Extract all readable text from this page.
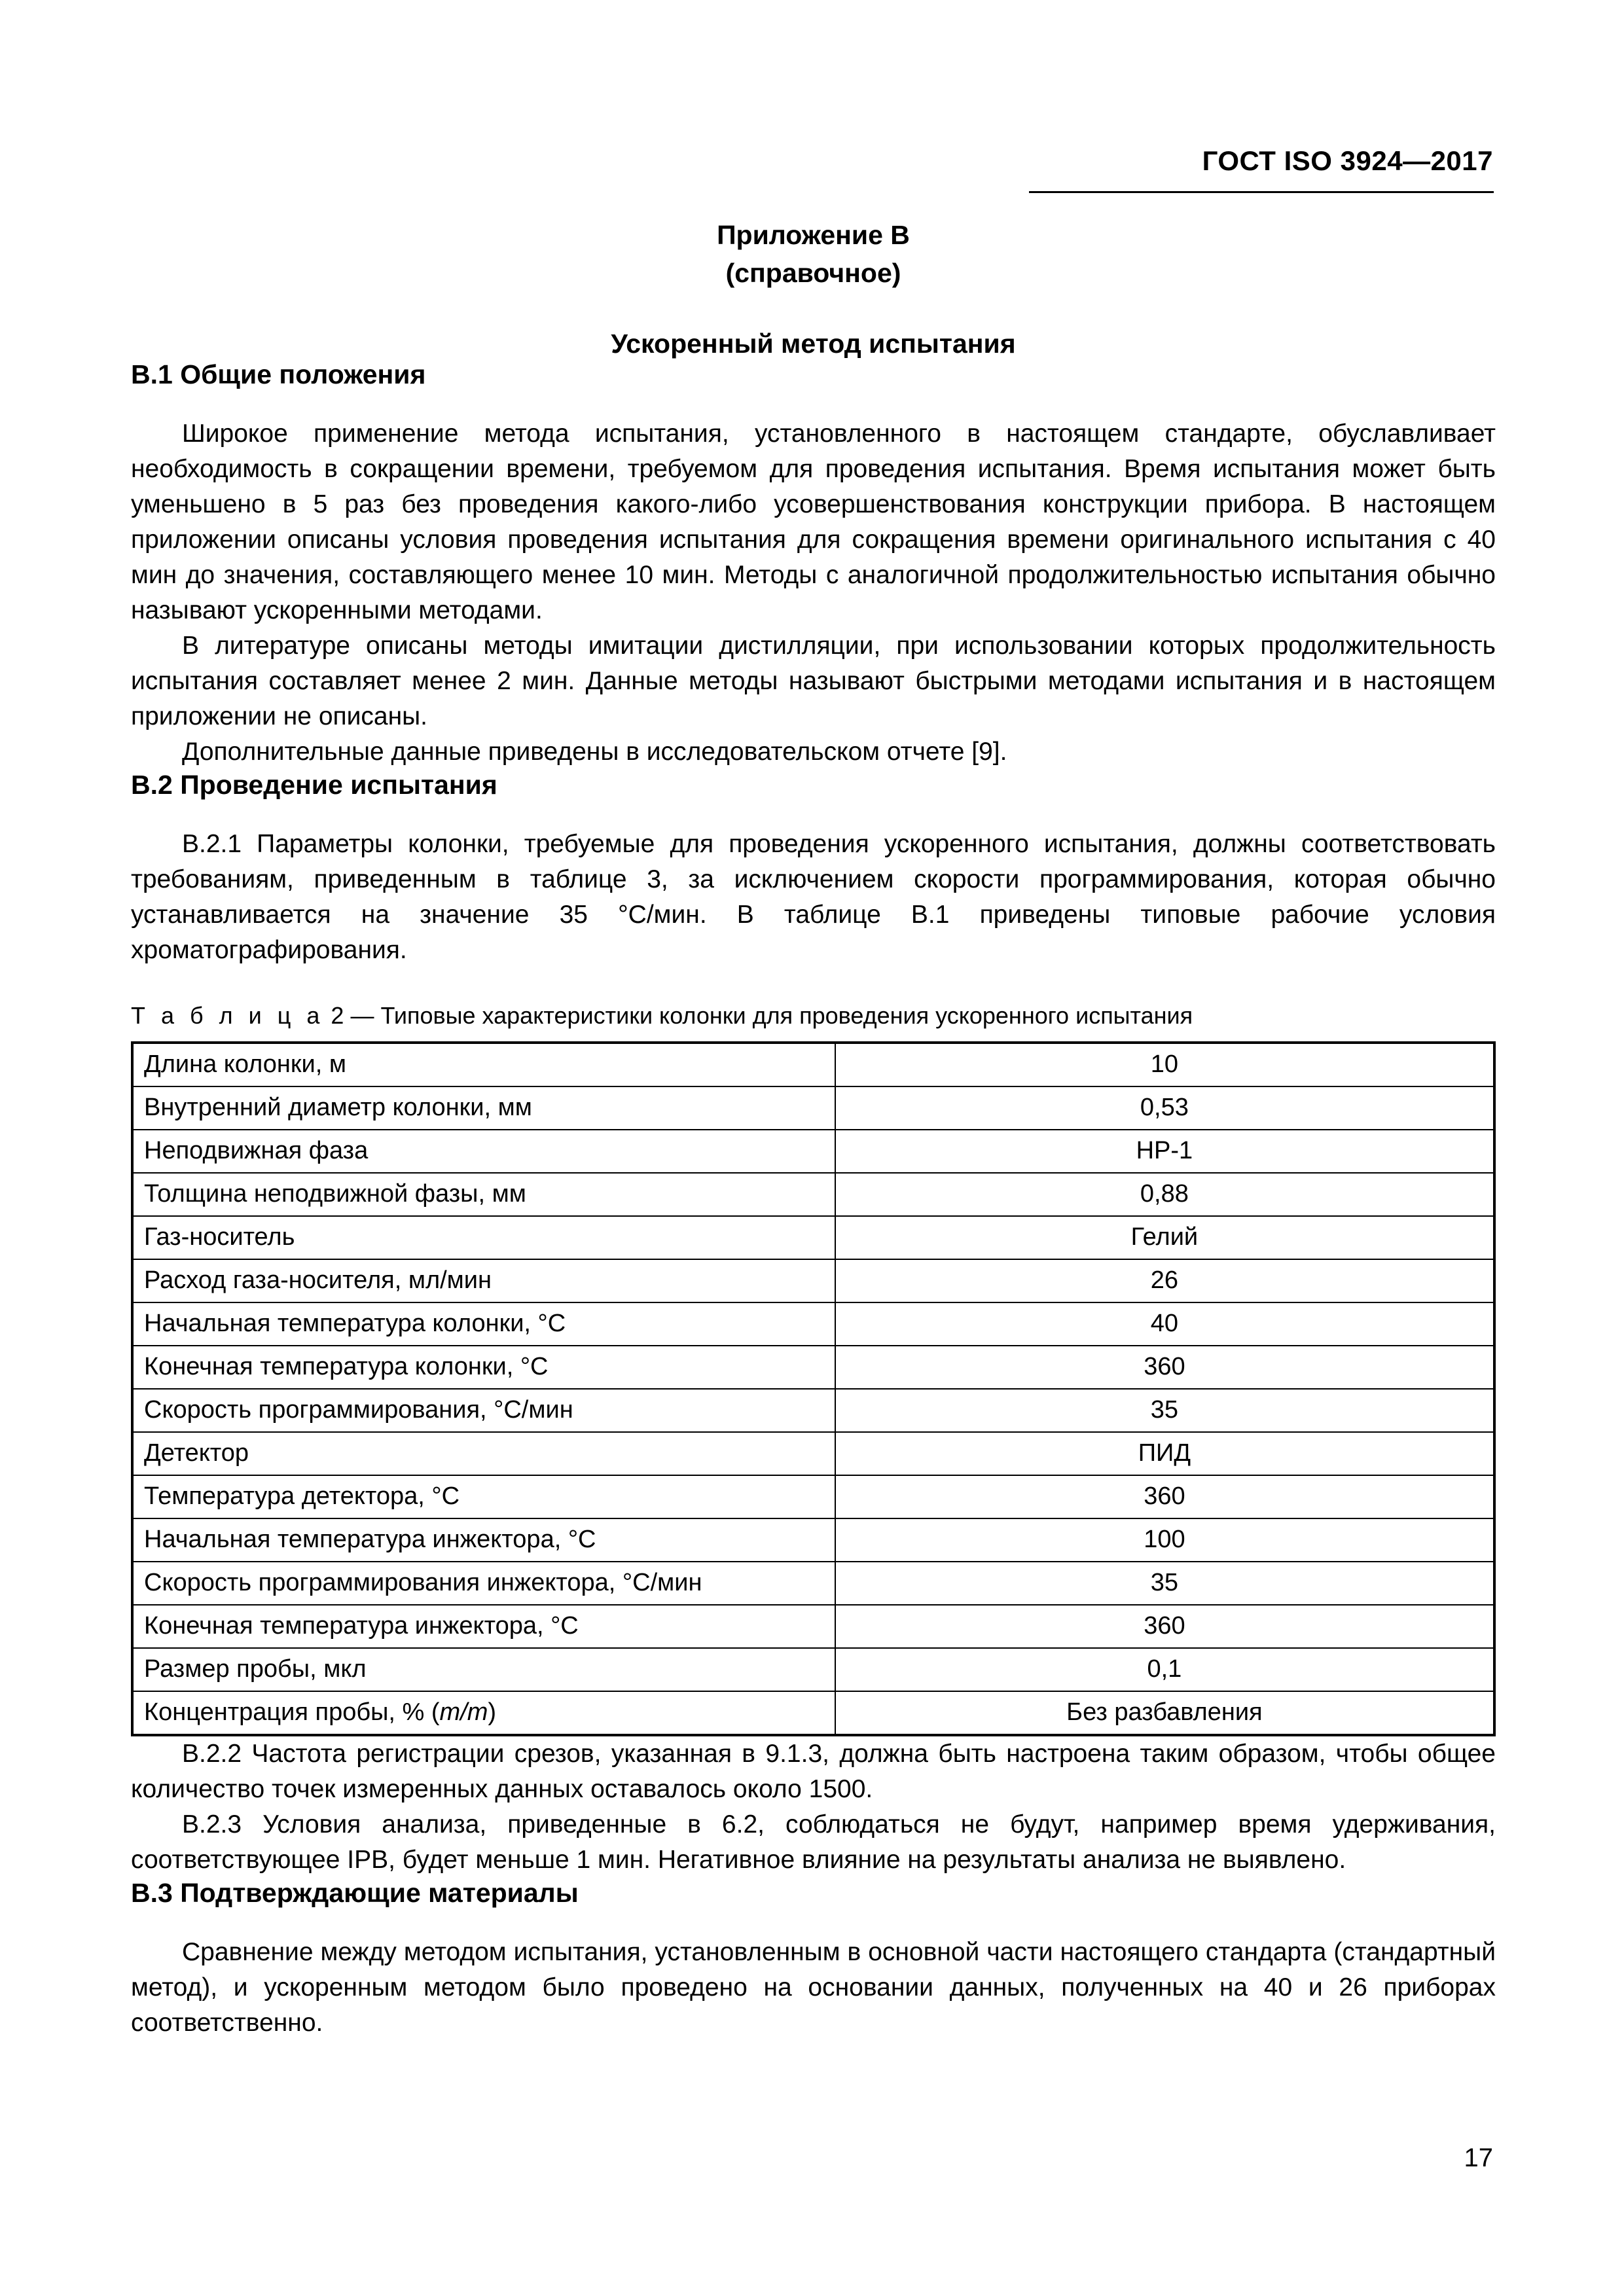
ГОСТ ISO 3924—2017
Приложение В
(справочное)
Ускоренный метод испытания
В.1 Общие положения

Широкое применение метода испытания, установленного в настоящем стандарте, обуславливает необходимость в сокращении времени, требуемом для проведения испытания. Время испытания может быть уменьшено в 5 раз без проведения какого-либо усовершенствования конструкции прибора. В настоящем приложении описаны условия проведения испытания для сокращения времени оригинального испытания с 40 мин до значения, составляющего менее 10 мин. Методы с аналогичной продолжительностью испытания обычно называют ускоренными методами.

В литературе описаны методы имитации дистилляции, при использовании которых продолжительность испытания составляет менее 2 мин. Данные методы называют быстрыми методами испытания и в настоящем приложении не описаны.

Дополнительные данные приведены в исследовательском отчете [9].

В.2 Проведение испытания

В.2.1 Параметры колонки, требуемые для проведения ускоренного испытания, должны соответствовать требованиям, приведенным в таблице 3, за исключением скорости программирования, которая обычно устанавливается на значение 35 °С/мин. В таблице В.1 приведены типовые рабочие условия хроматографирования.

Т а б л и ц а 2 — Типовые характеристики колонки для проведения ускоренного испытания
Длина колонки, м	10
Внутренний диаметр колонки, мм	0,53
Неподвижная фаза	НР-1
Толщина неподвижной фазы, мм	0,88
Газ-носитель	Гелий
Расход газа-носителя, мл/мин	26
Начальная температура колонки, °С	40
Конечная температура колонки, °С	360
Скорость программирования, °С/мин	35
Детектор	ПИД
Температура детектора, °С	360
Начальная температура инжектора, °С	100
Скорость программирования инжектора, °С/мин	35
Конечная температура инжектора, °С	360
Размер пробы, мкл	0,1
Концентрация пробы, % (m/m)	Без разбавления

В.2.2 Частота регистрации срезов, указанная в 9.1.3, должна быть настроена таким образом, чтобы общее количество точек измеренных данных оставалось около 1500.

В.2.3 Условия анализа, приведенные в 6.2, соблюдаться не будут, например время удерживания, соответствующее IPB, будет меньше 1 мин. Негативное влияние на результаты анализа не выявлено.

В.3 Подтверждающие материалы

Сравнение между методом испытания, установленным в основной части настоящего стандарта (стандартный метод), и ускоренным методом было проведено на основании данных, полученных на 40 и 26 приборах соответственно.

17
